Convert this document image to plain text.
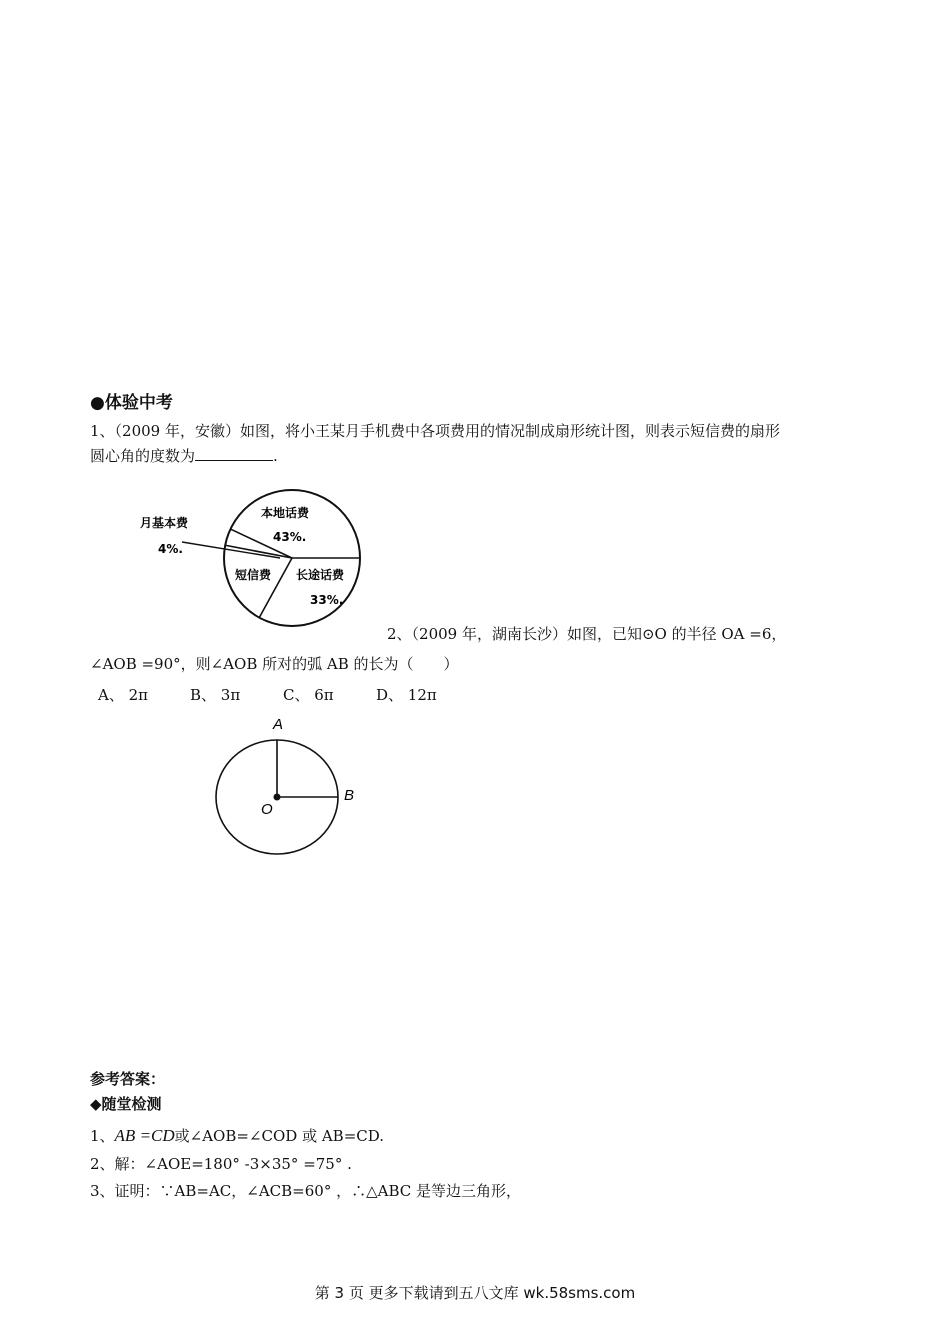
●体验中考
1、（2009 年，安徽）如图，将小王某月手机费中各项费用的情况制成扇形统计图，则表示短信费的扇形
圆心角的度数为	.
月基本费
4%.
本地话费
43%.
短信费 长途话费
33%.
2、（2009 年，湖南长沙）如图，已知⊙O 的半径 OA =6，
∠AOB =90°，则∠AOB 所对的弧 AB 的长为（　　）
A、 2π	B、 3π	C、 6π	D、 12π
A
B
O
参考答案：
◆随堂检测
1、AB =CD或∠AOB=∠COD 或 AB=CD.
2、解：∠AOE=180° -3×35° =75° .
3、证明：∵AB=AC，∠ACB=60° ，∴△ABC 是等边三角形，
第 3 页 更多下载请到五八文库 wk.58sms.com
